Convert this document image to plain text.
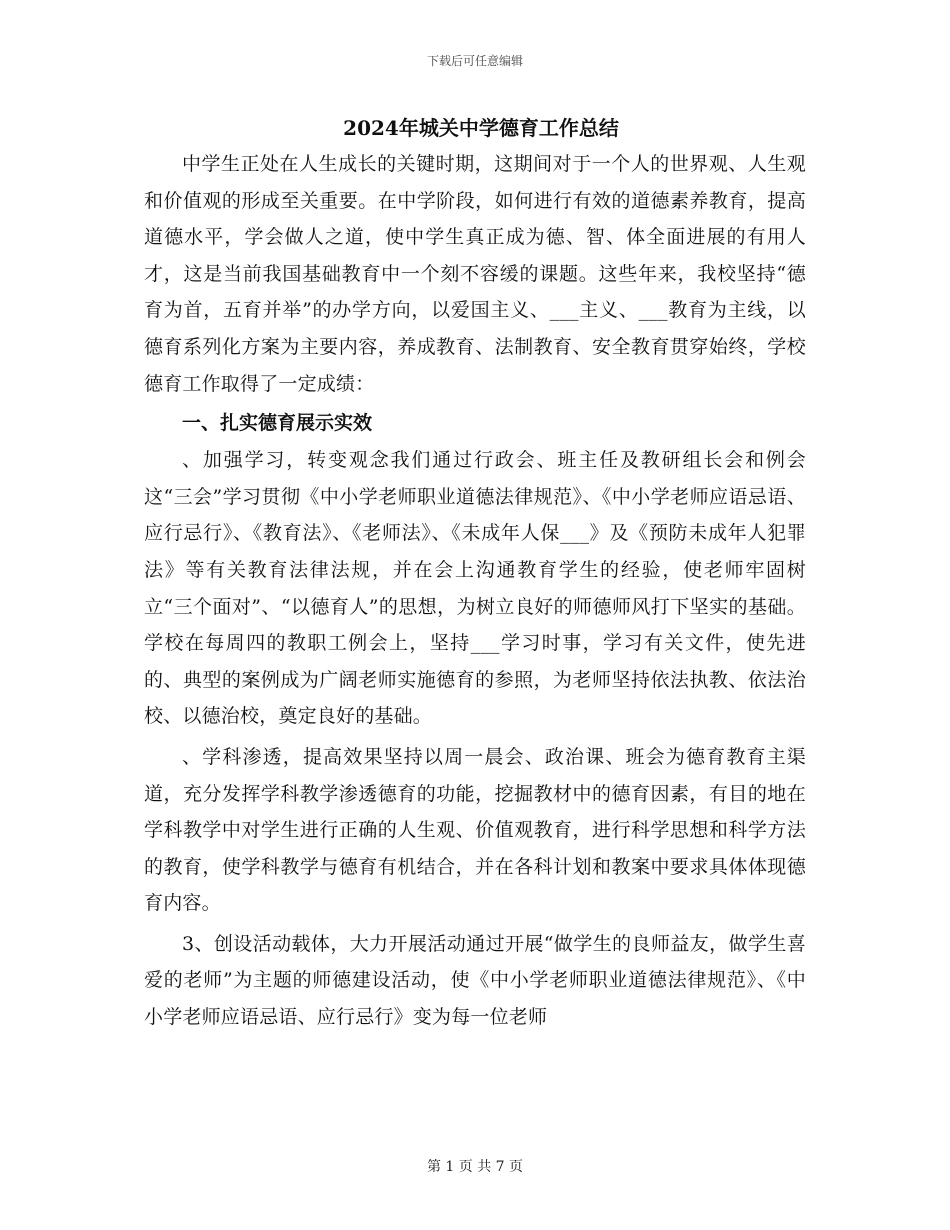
下载后可任意编辑
2024年城关中学德育工作总结

中学生正处在人生成长的关键时期，这期间对于一个人的世界观、人生观和价值观的形成至关重要。在中学阶段，如何进行有效的道德素养教育，提高道德水平，学会做人之道，使中学生真正成为德、智、体全面进展的有用人才，这是当前我国基础教育中一个刻不容缓的课题。这些年来，我校坚持“德育为首，五育并举”的办学方向，以爱国主义、___主义、___教育为主线，以德育系列化方案为主要内容，养成教育、法制教育、安全教育贯穿始终，学校德育工作取得了一定成绩：

一、扎实德育展示实效

、加强学习，转变观念我们通过行政会、班主任及教研组长会和例会这“三会”学习贯彻《中小学老师职业道德法律规范》、《中小学老师应语忌语、应行忌行》、《教育法》、《老师法》、《未成年人保___》及《预防未成年人犯罪法》等有关教育法律法规，并在会上沟通教育学生的经验，使老师牢固树立“三个面对”、“以德育人”的思想，为树立良好的师德师风打下坚实的基础。学校在每周四的教职工例会上，坚持___学习时事，学习有关文件，使先进的、典型的案例成为广阔老师实施德育的参照，为老师坚持依法执教、依法治校、以德治校，奠定良好的基础。

、学科渗透，提高效果坚持以周一晨会、政治课、班会为德育教育主渠道，充分发挥学科教学渗透德育的功能，挖掘教材中的德育因素，有目的地在学科教学中对学生进行正确的人生观、价值观教育，进行科学思想和科学方法的教育，使学科教学与德育有机结合，并在各科计划和教案中要求具体体现德育内容。

3、创设活动载体，大力开展活动通过开展“做学生的良师益友，做学生喜爱的老师”为主题的师德建设活动，使《中小学老师职业道德法律规范》、《中小学老师应语忌语、应行忌行》变为每一位老师

第 1 页 共 7 页
